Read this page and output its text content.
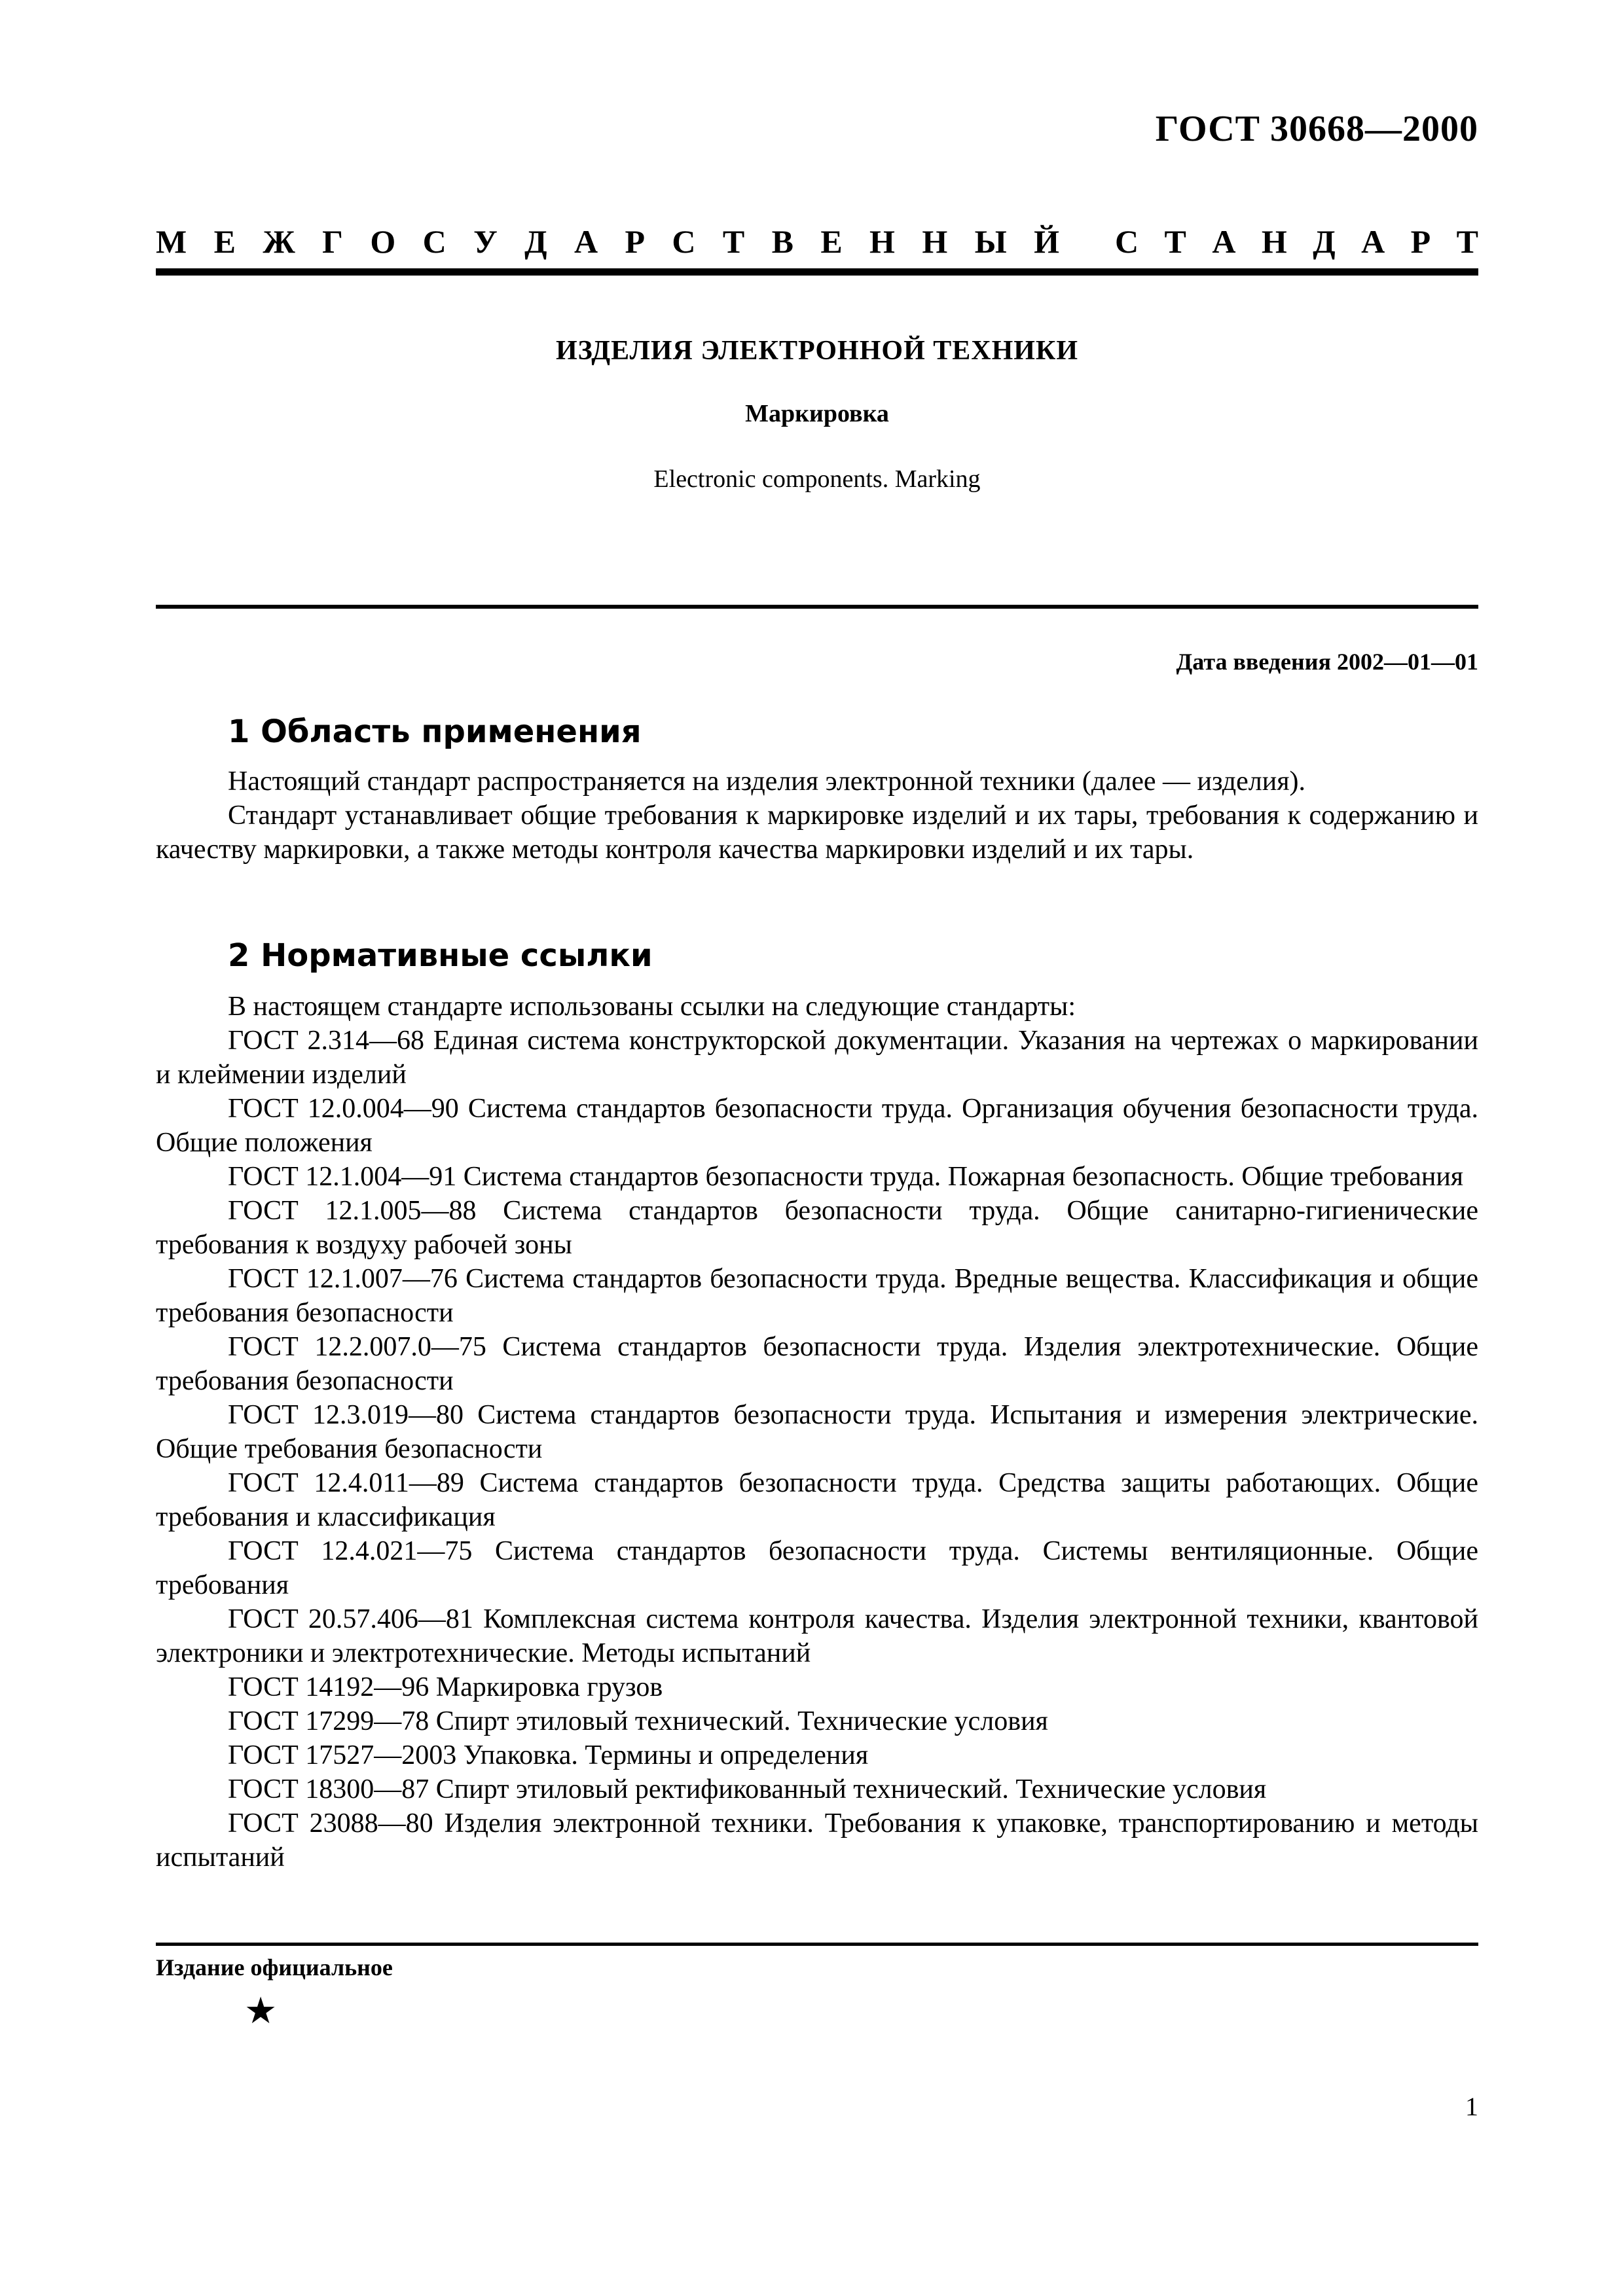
ГОСТ 30668—2000
М Е Ж Г О С У Д А Р С Т В Е Н Н Ы Й С Т А Н Д А Р Т
ИЗДЕЛИЯ ЭЛЕКТРОННОЙ ТЕХНИКИ
Маркировка
Electronic components. Marking
Дата введения 2002—01—01
1 Область применения

Настоящий стандарт распространяется на изделия электронной техники (далее — изделия).

Стандарт устанавливает общие требования к маркировке изделий и их тары, требования к содержанию и качеству маркировки, а также методы контроля качества маркировки изделий и их тары.

2 Нормативные ссылки

В настоящем стандарте использованы ссылки на следующие стандарты:

ГОСТ 2.314—68 Единая система конструкторской документации. Указания на чертежах о маркировании и клеймении изделий

ГОСТ 12.0.004—90 Система стандартов безопасности труда. Организация обучения безопасности труда. Общие положения

ГОСТ 12.1.004—91 Система стандартов безопасности труда. Пожарная безопасность. Общие требования

ГОСТ 12.1.005—88 Система стандартов безопасности труда. Общие санитарно-гигиенические требования к воздуху рабочей зоны

ГОСТ 12.1.007—76 Система стандартов безопасности труда. Вредные вещества. Классификация и общие требования безопасности

ГОСТ 12.2.007.0—75 Система стандартов безопасности труда. Изделия электротехнические. Общие требования безопасности

ГОСТ 12.3.019—80 Система стандартов безопасности труда. Испытания и измерения электрические. Общие требования безопасности

ГОСТ 12.4.011—89 Система стандартов безопасности труда. Средства защиты работающих. Общие требования и классификация

ГОСТ 12.4.021—75 Система стандартов безопасности труда. Системы вентиляционные. Общие требования

ГОСТ 20.57.406—81 Комплексная система контроля качества. Изделия электронной техники, квантовой электроники и электротехнические. Методы испытаний

ГОСТ 14192—96 Маркировка грузов

ГОСТ 17299—78 Спирт этиловый технический. Технические условия

ГОСТ 17527—2003 Упаковка. Термины и определения

ГОСТ 18300—87 Спирт этиловый ректификованный технический. Технические условия

ГОСТ 23088—80 Изделия электронной техники. Требования к упаковке, транспортированию и методы испытаний

Издание официальное
★
1
